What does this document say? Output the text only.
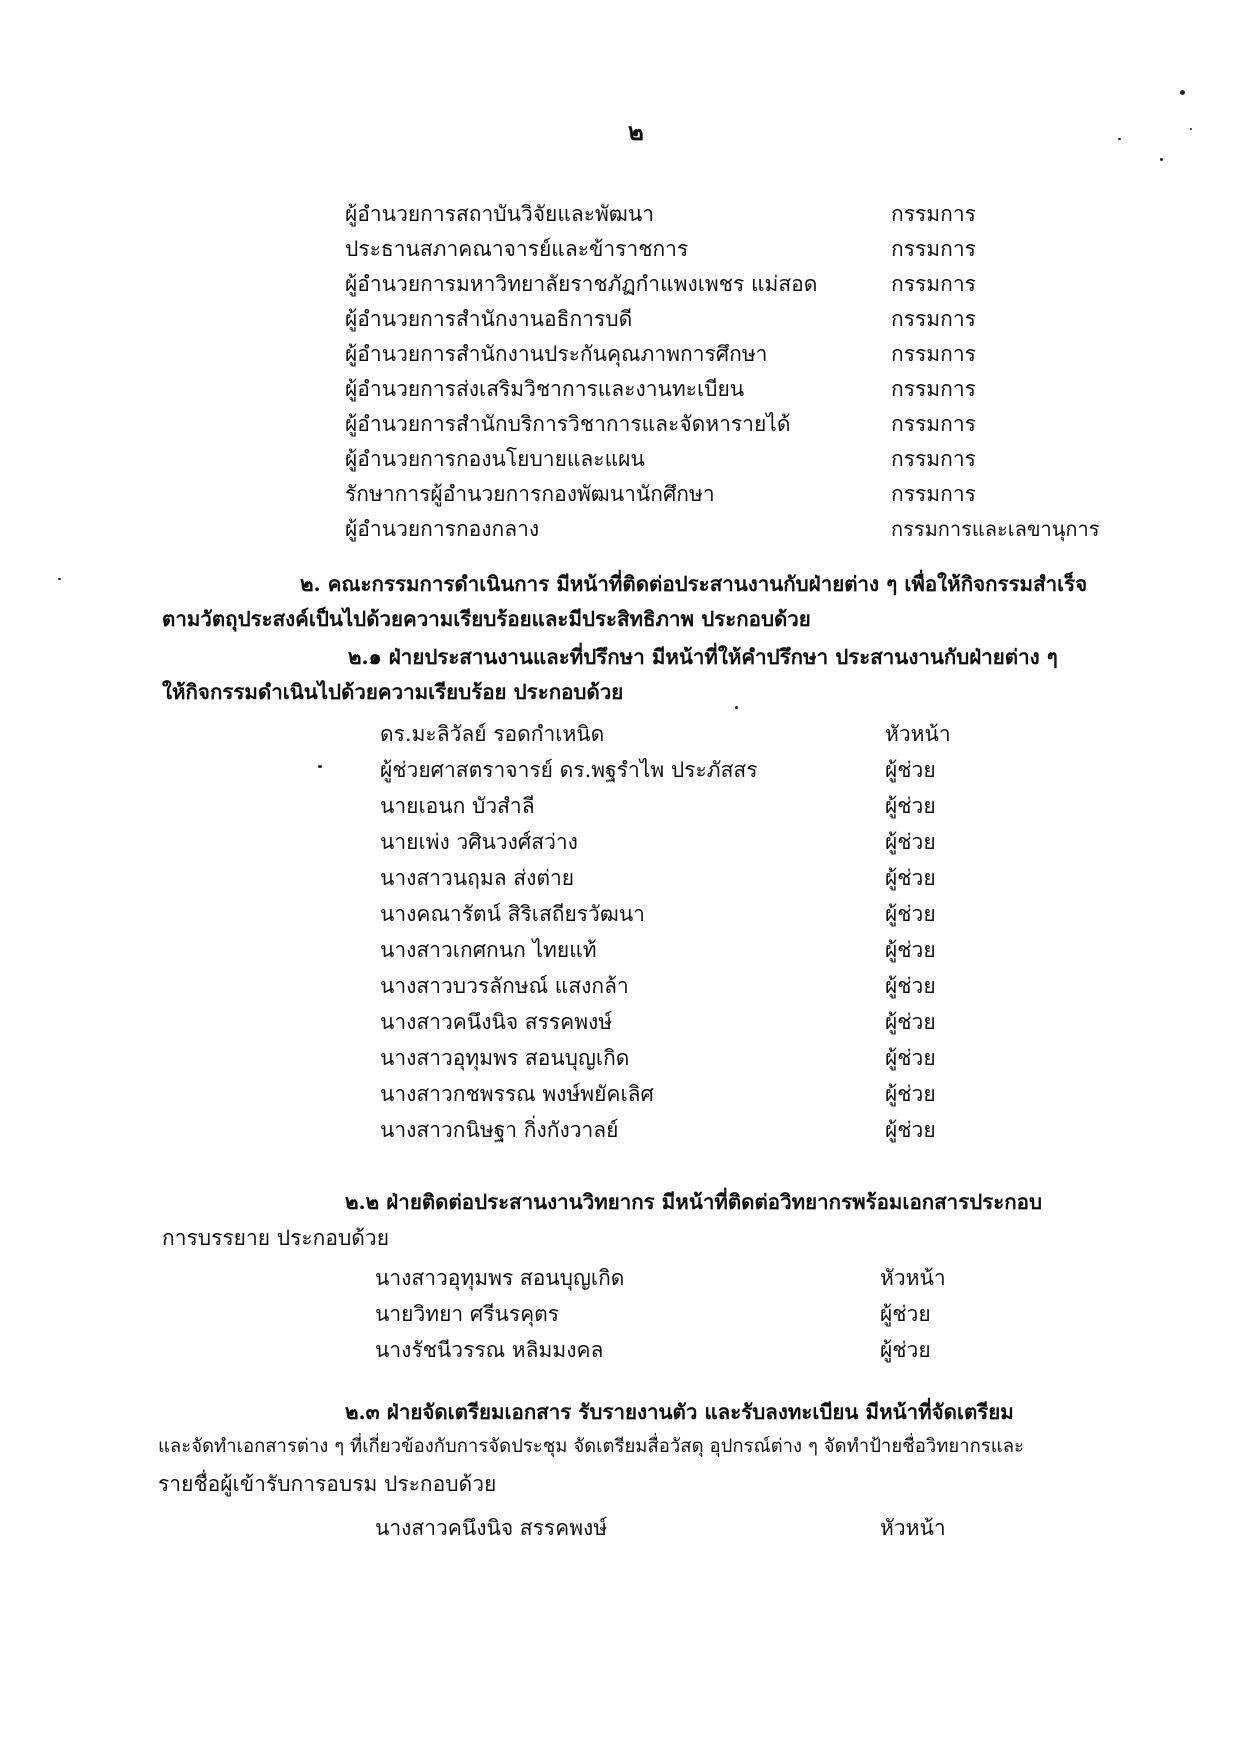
๒
ผู้อำนวยการสถาบันวิจัยและพัฒนา	กรรมการ
ประธานสภาคณาจารย์และข้าราชการ	กรรมการ
ผู้อำนวยการมหาวิทยาลัยราชภัฏกำแพงเพชร แม่สอด	กรรมการ
ผู้อำนวยการสำนักงานอธิการบดี	กรรมการ
ผู้อำนวยการสำนักงานประกันคุณภาพการศึกษา	กรรมการ
ผู้อำนวยการส่งเสริมวิชาการและงานทะเบียน	กรรมการ
ผู้อำนวยการสำนักบริการวิชาการและจัดหารายได้	กรรมการ
ผู้อำนวยการกองนโยบายและแผน	กรรมการ
รักษาการผู้อำนวยการกองพัฒนานักศึกษา	กรรมการ
ผู้อำนวยการกองกลาง	กรรมการและเลขานุการ
๒. คณะกรรมการดำเนินการ มีหน้าที่ติดต่อประสานงานกับฝ่ายต่าง ๆ เพื่อให้กิจกรรมสำเร็จ
ตามวัตถุประสงค์เป็นไปด้วยความเรียบร้อยและมีประสิทธิภาพ ประกอบด้วย
๒.๑ ฝ่ายประสานงานและที่ปรึกษา มีหน้าที่ให้คำปรึกษา ประสานงานกับฝ่ายต่าง ๆ
ให้กิจกรรมดำเนินไปด้วยความเรียบร้อย ประกอบด้วย
ดร.มะลิวัลย์ รอดกำเหนิด	หัวหน้า
ผู้ช่วยศาสตราจารย์ ดร.พฐรำไพ ประภัสสร	ผู้ช่วย
นายเอนก บัวสำลี	ผู้ช่วย
นายเพ่ง วศินวงศ์สว่าง	ผู้ช่วย
นางสาวนฤมล ส่งต่าย	ผู้ช่วย
นางคณารัตน์ สิริเสถียรวัฒนา	ผู้ช่วย
นางสาวเกศกนก ไทยแท้	ผู้ช่วย
นางสาวบวรลักษณ์ แสงกล้า	ผู้ช่วย
นางสาวคนึงนิจ สรรคพงษ์	ผู้ช่วย
นางสาวอุทุมพร สอนบุญเกิด	ผู้ช่วย
นางสาวกชพรรณ พงษ์พยัคเลิศ	ผู้ช่วย
นางสาวกนิษฐา กิ่งกังวาลย์	ผู้ช่วย
๒.๒ ฝ่ายติดต่อประสานงานวิทยากร มีหน้าที่ติดต่อวิทยากรพร้อมเอกสารประกอบ
การบรรยาย ประกอบด้วย
นางสาวอุทุมพร สอนบุญเกิด	หัวหน้า
นายวิทยา ศรีนรคุตร	ผู้ช่วย
นางรัชนีวรรณ หลิมมงคล	ผู้ช่วย
๒.๓ ฝ่ายจัดเตรียมเอกสาร รับรายงานตัว และรับลงทะเบียน มีหน้าที่จัดเตรียม
และจัดทำเอกสารต่าง ๆ ที่เกี่ยวข้องกับการจัดประชุม จัดเตรียมสื่อวัสดุ อุปกรณ์ต่าง ๆ จัดทำป้ายชื่อวิทยากรและ
รายชื่อผู้เข้ารับการอบรม ประกอบด้วย
นางสาวคนึงนิจ สรรคพงษ์	หัวหน้า
